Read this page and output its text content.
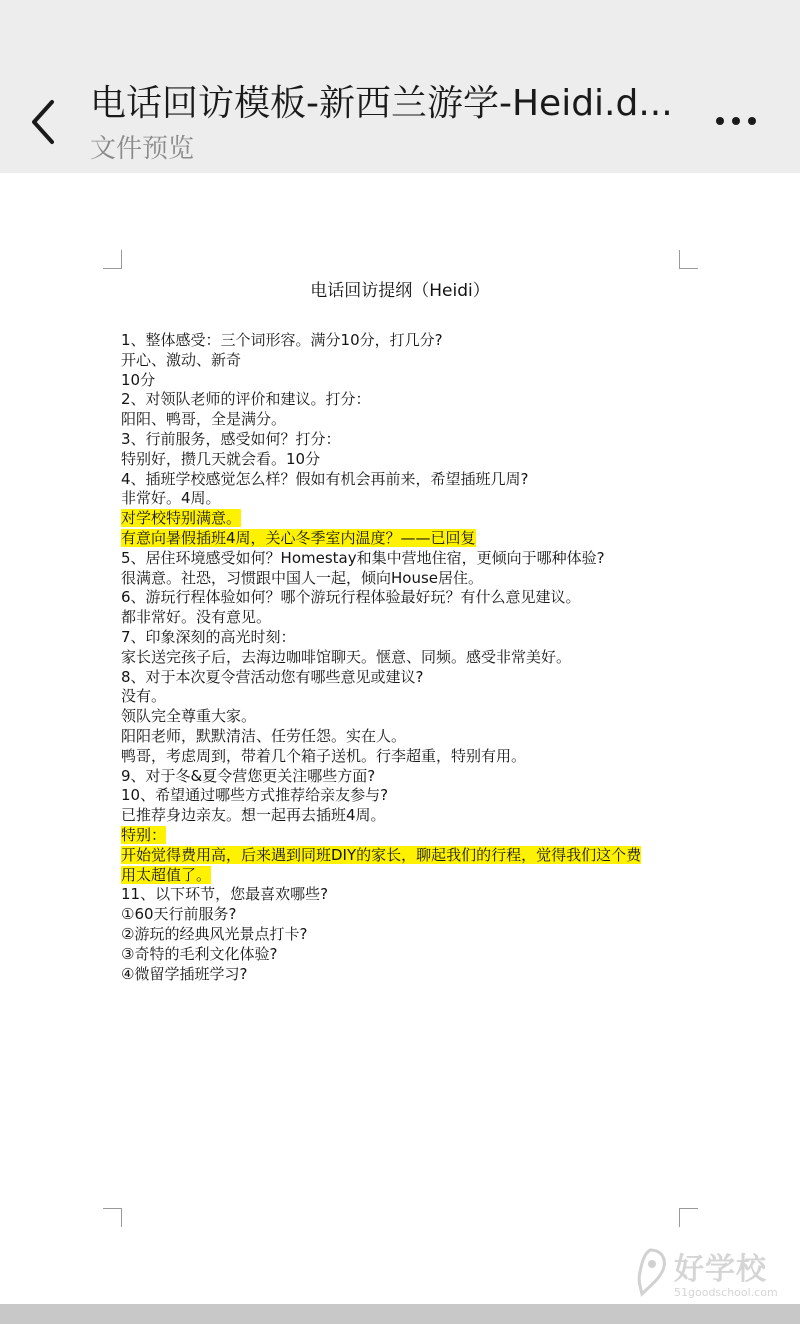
电话回访模板-新西兰游学-Heidi.d...
文件预览
电话回访提纲（Heidi）
1、整体感受：三个词形容。满分10分，打几分?
开心、激动、新奇
10分
2、对领队老师的评价和建议。打分：
阳阳、鸭哥，全是满分。
3、行前服务，感受如何？打分：
特别好，攒几天就会看。10分
4、插班学校感觉怎么样？假如有机会再前来，希望插班几周?
非常好。4周。
对学校特别满意。
有意向暑假插班4周，关心冬季室内温度？——已回复
5、居住环境感受如何？Homestay和集中营地住宿，更倾向于哪种体验?
很满意。社恐，习惯跟中国人一起，倾向House居住。
6、游玩行程体验如何？哪个游玩行程体验最好玩？有什么意见建议。
都非常好。没有意见。
7、印象深刻的高光时刻：
家长送完孩子后，去海边咖啡馆聊天。惬意、同频。感受非常美好。
8、对于本次夏令营活动您有哪些意见或建议?
没有。
领队完全尊重大家。
阳阳老师，默默清洁、任劳任怨。实在人。
鸭哥，考虑周到，带着几个箱子送机。行李超重，特别有用。
9、对于冬&夏令营您更关注哪些方面?
10、希望通过哪些方式推荐给亲友参与?
已推荐身边亲友。想一起再去插班4周。
特别：
开始觉得费用高，后来遇到同班DIY的家长，聊起我们的行程，觉得我们这个费
用太超值了。
11、以下环节，您最喜欢哪些?
①60天行前服务?
②游玩的经典风光景点打卡?
③奇特的毛利文化体验?
④微留学插班学习?
好学校
51goodschool.com
